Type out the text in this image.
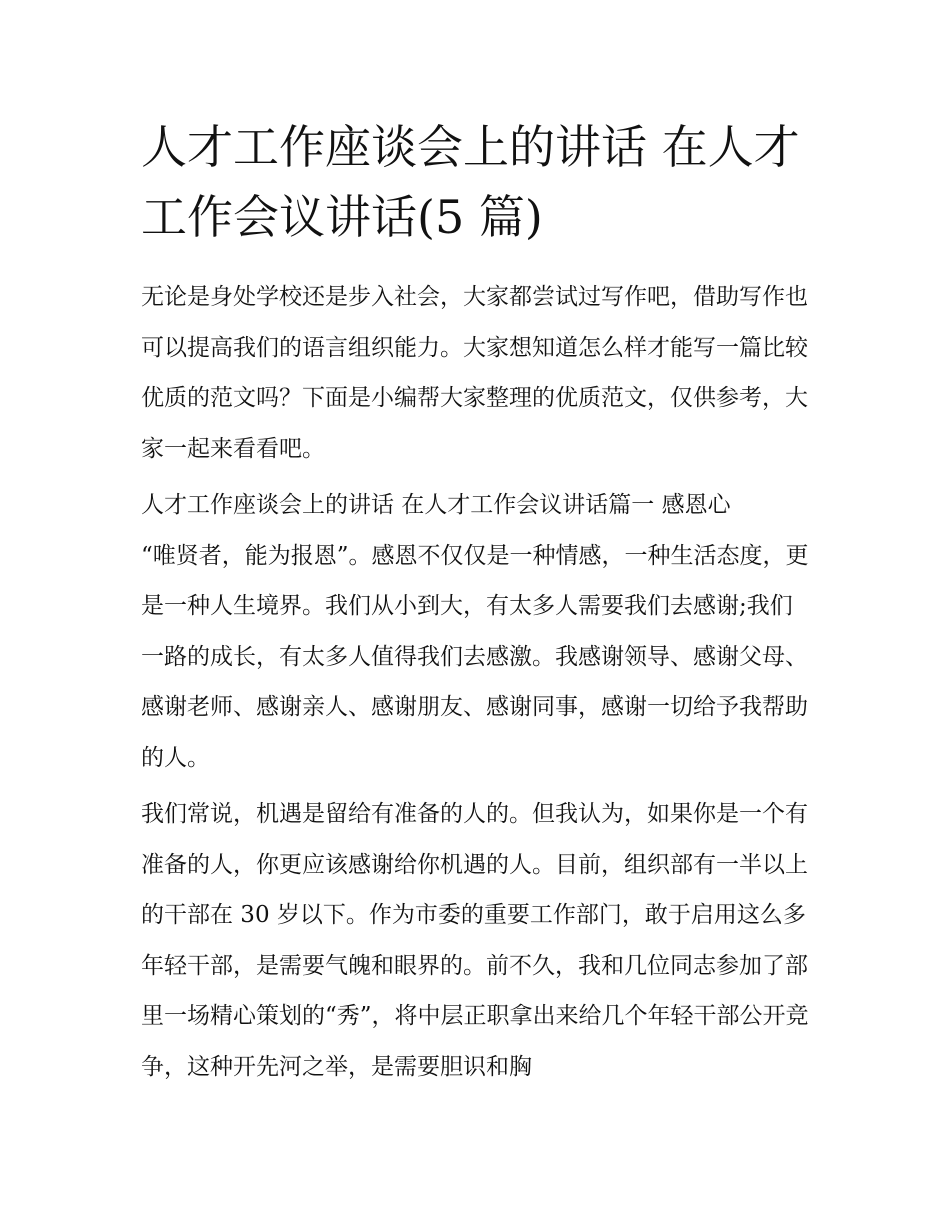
人才工作座谈会上的讲话 在人才工作会议讲话(5 篇)

无论是身处学校还是步入社会，大家都尝试过写作吧，借助写作也可以提高我们的语言组织能力。大家想知道怎么样才能写一篇比较优质的范文吗？下面是小编帮大家整理的优质范文，仅供参考，大家一起来看看吧。

人才工作座谈会上的讲话 在人才工作会议讲话篇一 感恩心

“唯贤者，能为报恩”。感恩不仅仅是一种情感，一种生活态度，更是一种人生境界。我们从小到大，有太多人需要我们去感谢;我们一路的成长，有太多人值得我们去感激。我感谢领导、感谢父母、感谢老师、感谢亲人、感谢朋友、感谢同事，感谢一切给予我帮助的人。

我们常说，机遇是留给有准备的人的。但我认为，如果你是一个有准备的人，你更应该感谢给你机遇的人。目前，组织部有一半以上的干部在 30 岁以下。作为市委的重要工作部门，敢于启用这么多年轻干部，是需要气魄和眼界的。前不久，我和几位同志参加了部里一场精心策划的“秀”，将中层正职拿出来给几个年轻干部公开竞争，这种开先河之举，是需要胆识和胸
